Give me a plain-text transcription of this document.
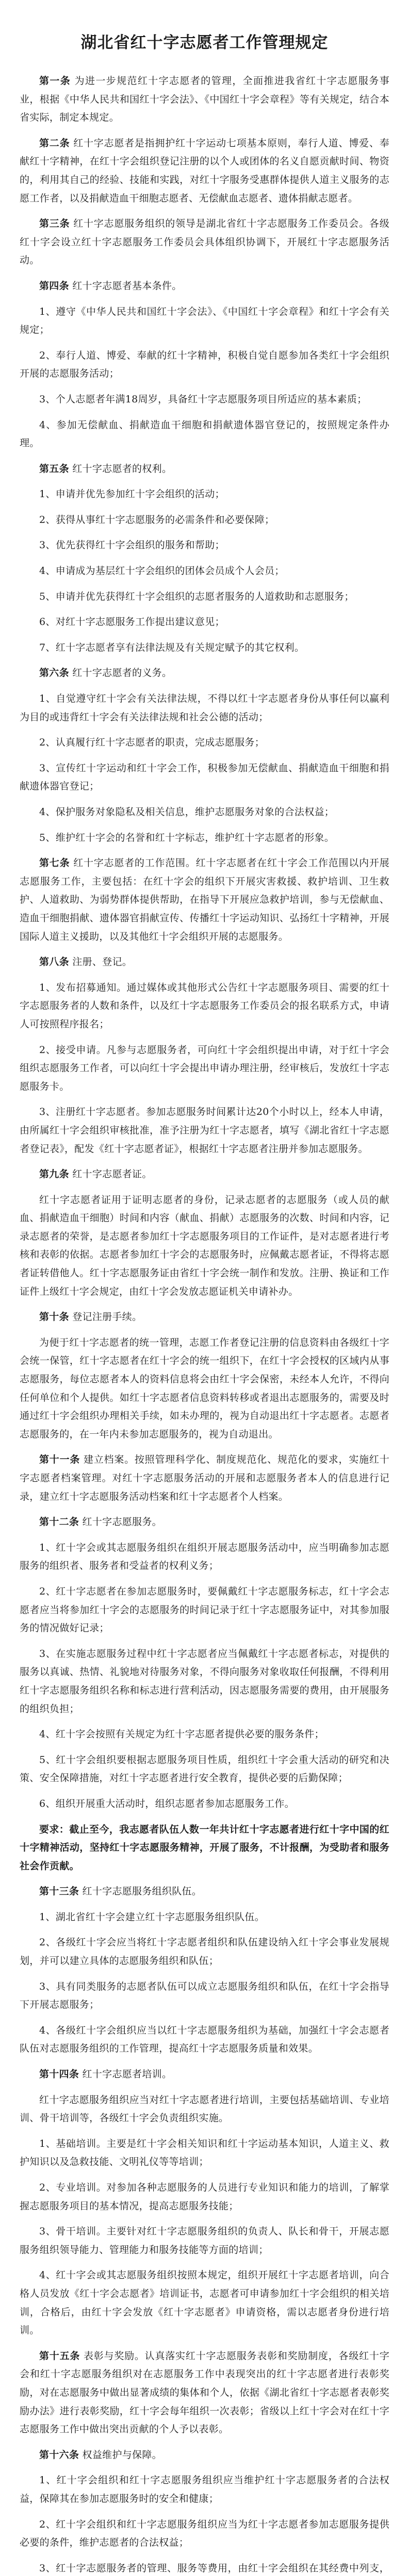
湖北省红十字志愿者工作管理规定

第一条 为进一步规范红十字志愿者的管理，全面推进我省红十字志愿服务事业，根据《中华人民共和国红十字会法》、《中国红十字会章程》等有关规定，结合本省实际，制定本规定。

第二条 红十字志愿者是指拥护红十字运动七项基本原则，奉行人道、博爱、奉献红十字精神，在红十字会组织登记注册的以个人或团体的名义自愿贡献时间、物资的，利用其自己的经验、技能和实践，对红十字服务受惠群体提供人道主义服务的志愿工作者，以及捐献造血干细胞志愿者、无偿献血志愿者、遗体捐献志愿者。

第三条 红十字志愿服务组织的领导是湖北省红十字志愿服务工作委员会。各级红十字会设立红十字志愿服务工作委员会具体组织协调下，开展红十字志愿服务活动。

第四条 红十字志愿者基本条件。

1、遵守《中华人民共和国红十字会法》、《中国红十字会章程》和红十字会有关规定；

2、奉行人道、博爱、奉献的红十字精神，积极自觉自愿参加各类红十字会组织开展的志愿服务活动；

3、个人志愿者年满18周岁，具备红十字志愿服务项目所适应的基本素质；

4、参加无偿献血、捐献造血干细胞和捐献遗体器官登记的，按照规定条件办理。

第五条 红十字志愿者的权利。

1、申请并优先参加红十字会组织的活动；

2、获得从事红十字志愿服务的必需条件和必要保障；

3、优先获得红十字会组织的服务和帮助；

4、申请成为基层红十字会组织的团体会员成个人会员；

5、申请并优先获得红十字会组织的志愿者服务的人道救助和志愿服务；

6、对红十字志愿服务工作提出建议意见；

7、红十字志愿者享有法律法规及有关规定赋予的其它权利。

第六条 红十字志愿者的义务。

1、自觉遵守红十字会有关法律法规，不得以红十字志愿者身份从事任何以赢利为目的或违背红十字会有关法律法规和社会公德的活动；

2、认真履行红十字志愿者的职责，完成志愿服务；

3、宣传红十字运动和红十字会工作，积极参加无偿献血、捐献造血干细胞和捐献遗体器官登记；

4、保护服务对象隐私及相关信息，维护志愿服务对象的合法权益；

5、维护红十字会的名誉和红十字标志，维护红十字志愿者的形象。

第七条 红十字志愿者的工作范围。红十字志愿者在红十字会工作范围以内开展志愿服务工作，主要包括：在红十字会的组织下开展灾害救援、救护培训、卫生救护、人道救助、为弱势群体提供帮助，在指导下开展应急救护培训，参与无偿献血、造血干细胞捐献、遗体器官捐献宣传、传播红十字运动知识、弘扬红十字精神，开展国际人道主义援助，以及其他红十字会组织开展的志愿服务。

第八条 注册、登记。

1、发布招募通知。通过媒体或其他形式公告红十字志愿服务项目、需要的红十字志愿服务者的人数和条件，以及红十字志愿服务工作委员会的报名联系方式，申请人可按照程序报名；

2、接受申请。凡参与志愿服务者，可向红十字会组织提出申请，对于红十字会组织志愿服务工作者，可以向红十字会提出申请办理注册，经审核后，发放红十字志愿服务卡。

3、注册红十字志愿者。参加志愿服务时间累计达20个小时以上，经本人申请，由所属红十字会组织审核批准，准予注册为红十字志愿者，填写《湖北省红十字志愿者登记表》，配发《红十字志愿者证》，根据红十字志愿者注册并参加志愿服务。

第九条 红十字志愿者证。

红十字志愿者证用于证明志愿者的身份，记录志愿者的志愿服务（或人员的献血、捐献造血干细胞）时间和内容（献血、捐献）志愿服务的次数、时间和内容，记录志愿者的荣誉，是志愿者参加红十字志愿服务项目的工作证件，是对志愿者进行考核和表彰的依据。志愿者参加红十字会的志愿服务时，应佩戴志愿者证，不得将志愿者证转借他人。红十字志愿服务证由省红十字会统一制作和发放。注册、换证和工作证件上级红十字会规定，由红十字会发放志愿证机关申请补办。

第十条 登记注册手续。

为便于红十字志愿者的统一管理，志愿工作者登记注册的信息资料由各级红十字会统一保管，红十字志愿者在红十字会的统一组织下，在红十字会授权的区域内从事志愿服务，每位志愿者本人的资料信息将会由红十字会保密，未经本人允许，不得向任何单位和个人提供。如红十字志愿者信息资料转移或者退出志愿服务的，需要及时通过红十字会组织办理相关手续，如未办理的，视为自动退出红十字志愿者。志愿者志愿服务的，在一年内未参加志愿服务的，视为自动退出。

第十一条 建立档案。按照管理科学化、制度规范化、规范化的要求，实施红十字志愿者档案管理。对红十字志愿服务活动的开展和志愿服务者本人的信息进行记录，建立红十字志愿服务活动档案和红十字志愿者个人档案。

第十二条 红十字志愿服务。

1、红十字会或其志愿服务组织在组织开展志愿服务活动中，应当明确参加志愿服务的组织者、服务者和受益者的权利义务；

2、红十字志愿者在参加志愿服务时，要佩戴红十字志愿服务标志，红十字会志愿者应当将参加红十字会的志愿服务的时间记录于红十字志愿服务证中，对其参加服务的情况做好记录；

3、在实施志愿服务过程中红十字志愿者应当佩戴红十字志愿者标志，对提供的服务以真诚、热情、礼貌地对待服务对象，不得向服务对象收取任何报酬，不得利用红十字志愿服务组织名称和标志进行营利活动，因志愿服务需要的费用，由开展服务的组织负担；

4、红十字会按照有关规定为红十字志愿者提供必要的服务条件；

5、红十字会组织要根据志愿服务项目性质，组织红十字会重大活动的研究和决策、安全保障措施，对红十字志愿者进行安全教育，提供必要的后勤保障；

6、组织开展重大活动时，组织志愿者参加志愿服务工作。

要求：截止至今，我志愿者队伍人数一年共计红十字志愿者进行红十字中国的红十字精神活动，坚持红十字志愿服务精神，开展了服务，不计报酬，为受助者和服务社会作贡献。

第十三条 红十字志愿服务组织队伍。

1、湖北省红十字会建立红十字志愿服务组织队伍。

2、各级红十字会应当将红十字志愿者组织和队伍建设纳入红十字会事业发展规划，并可以建立具体的志愿服务组织和队伍；

3、具有同类服务的志愿者队伍可以成立志愿服务组织和队伍，在红十字会指导下开展志愿服务；

4、各级红十字会组织应当以红十字志愿服务组织为基础，加强红十字会志愿者队伍对志愿服务组织的工作管理，提高红十字志愿服务质量和效果。

第十四条 红十字志愿者培训。

红十字志愿服务组织应当对红十字志愿者进行培训，主要包括基础培训、专业培训、骨干培训等，各级红十字会负责组织实施。

1、基础培训。主要是红十字会相关知识和红十字运动基本知识，人道主义、救护知识以及急救技能、文明礼仪等等培训；

2、专业培训。对参加各种志愿服务的人员进行专业知识和能力的培训，了解掌握志愿服务项目的基本情况，提高志愿服务技能；

3、骨干培训。主要针对红十字志愿服务组织的负责人、队长和骨干，开展志愿服务组织领导能力、管理能力和服务技能等方面的培训；

4、红十字会或其志愿服务组织按照本规定，组织开展红十字志愿者培训，向合格人员发放《红十字会志愿者》培训证书，志愿者可申请参加红十字会组织的相关培训，合格后，由红十字会发放《红十字志愿者》申请资格，需以志愿者身份进行培训。

第十五条 表彰与奖励。认真落实红十字志愿服务表彰和奖励制度，各级红十字会和红十字志愿服务组织对在志愿服务工作中表现突出的红十字志愿者进行表彰奖励，对在志愿服务中做出显著成绩的集体和个人，依据《湖北省红十字志愿者表彰奖励办法》进行表彰奖励，红十字会每年组织一次表彰；省级以上红十字会对在红十字志愿服务工作中做出突出贡献的个人予以表彰。

第十六条 权益维护与保障。

1、红十字会组织和红十字志愿服务组织应当维护红十字志愿服务者的合法权益，保障其在参加志愿服务时的安全和健康；

2、红十字会组织和红十字志愿服务组织应当为红十字志愿者参加志愿服务提供必要的条件，维护志愿者的合法权益；

3、红十字志愿服务者的管理、服务等费用，由红十字会组织在其经费中列支，
